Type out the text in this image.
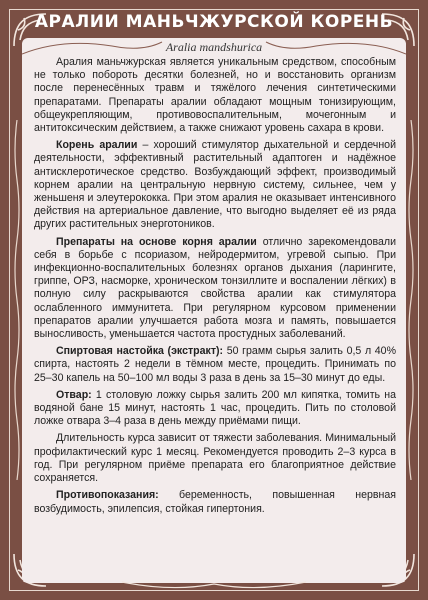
АРАЛИИ МАНЬЧЖУРСКОЙ КОРЕНЬ
Aralia mandshurica

Аралия маньчжурская является уникальным средством, способным не только побороть десятки болезней, но и восстановить организм после перенесённых травм и тяжёлого лечения синтетическими препаратами. Препараты аралии обладают мощным тонизирующим, общеукрепляющим, противовоспалительным, мочегонным и антитоксическим действием, а также снижают уровень сахара в крови.

Корень аралии – хороший стимулятор дыхательной и сердечной деятельности, эффективный растительный адаптоген и надёжное антисклеротическое средство. Возбуждающий эффект, производимый корнем аралии на центральную нервную систему, сильнее, чем у женьшеня и элеутерококка. При этом аралия не оказывает интенсивного действия на артериальное давление, что выгодно выделяет её из ряда других растительных энерготоников.

Препараты на основе корня аралии отлично зарекомендовали себя в борьбе с псориазом, нейродермитом, угревой сыпью. При инфекционно-воспалительных болезнях органов дыхания (ларингите, гриппе, ОРЗ, насморке, хроническом тонзиллите и воспалении лёгких) в полную силу раскрываются свойства аралии как стимулятора ослабленного иммунитета. При регулярном курсовом применении препаратов аралии улучшается работа мозга и память, повышается выносливость, уменьшается частота простудных заболеваний.

Спиртовая настойка (экстракт): 50 грамм сырья залить 0,5 л 40% спирта, настоять 2 недели в тёмном месте, процедить. Принимать по 25–30 капель на 50–100 мл воды 3 раза в день за 15–30 минут до еды.

Отвар: 1 столовую ложку сырья залить 200 мл кипятка, томить на водяной бане 15 минут, настоять 1 час, процедить. Пить по столовой ложке отвара 3–4 раза в день между приёмами пищи.

Длительность курса зависит от тяжести заболевания. Минимальный профилактический курс 1 месяц. Рекомендуется проводить 2–3 курса в год. При регулярном приёме препарата его благоприятное действие сохраняется.

Противопоказания: беременность, повышенная нервная возбудимость, эпилепсия, стойкая гипертония.
